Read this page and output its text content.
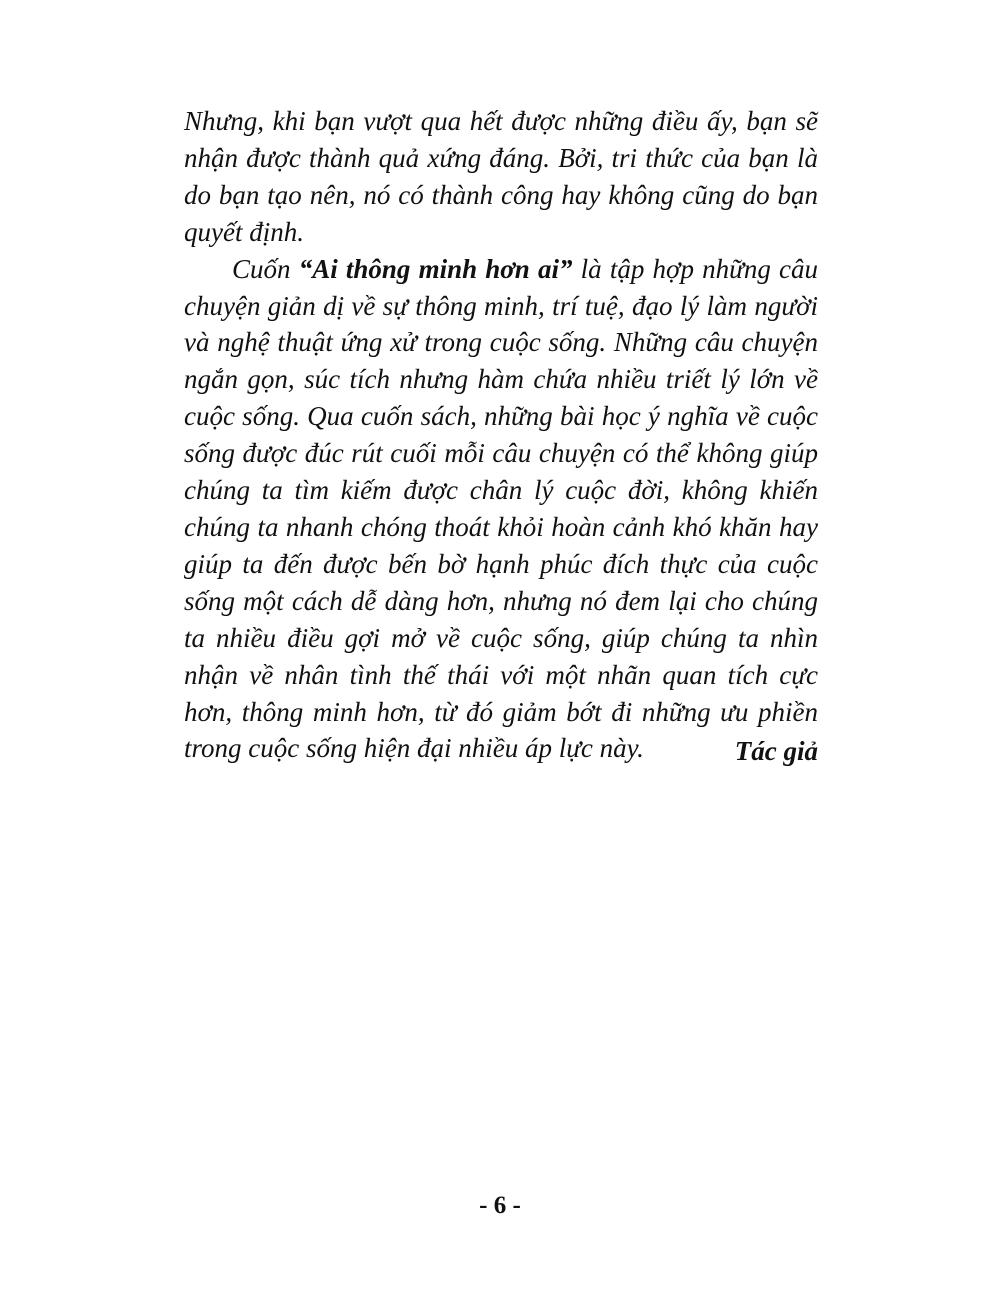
Nhưng, khi bạn vượt qua hết được những điều ấy, bạn sẽ nhận được thành quả xứng đáng. Bởi, tri thức của bạn là do bạn tạo nên, nó có thành công hay không cũng do bạn quyết định.

Cuốn “Ai thông minh hơn ai” là tập hợp những câu chuyện giản dị về sự thông minh, trí tuệ, đạo lý làm người và nghệ thuật ứng xử trong cuộc sống. Những câu chuyện ngắn gọn, súc tích nhưng hàm chứa nhiều triết lý lớn về cuộc sống. Qua cuốn sách, những bài học ý nghĩa về cuộc sống được đúc rút cuối mỗi câu chuyện có thể không giúp chúng ta tìm kiếm được chân lý cuộc đời, không khiến chúng ta nhanh chóng thoát khỏi hoàn cảnh khó khăn hay giúp ta đến được bến bờ hạnh phúc đích thực của cuộc sống một cách dễ dàng hơn, nhưng nó đem lại cho chúng ta nhiều điều gợi mở về cuộc sống, giúp chúng ta nhìn nhận về nhân tình thế thái với một nhãn quan tích cực hơn, thông minh hơn, từ đó giảm bớt đi những ưu phiền trong cuộc sống hiện đại nhiều áp lực này.	Tác giả
- 6 -
